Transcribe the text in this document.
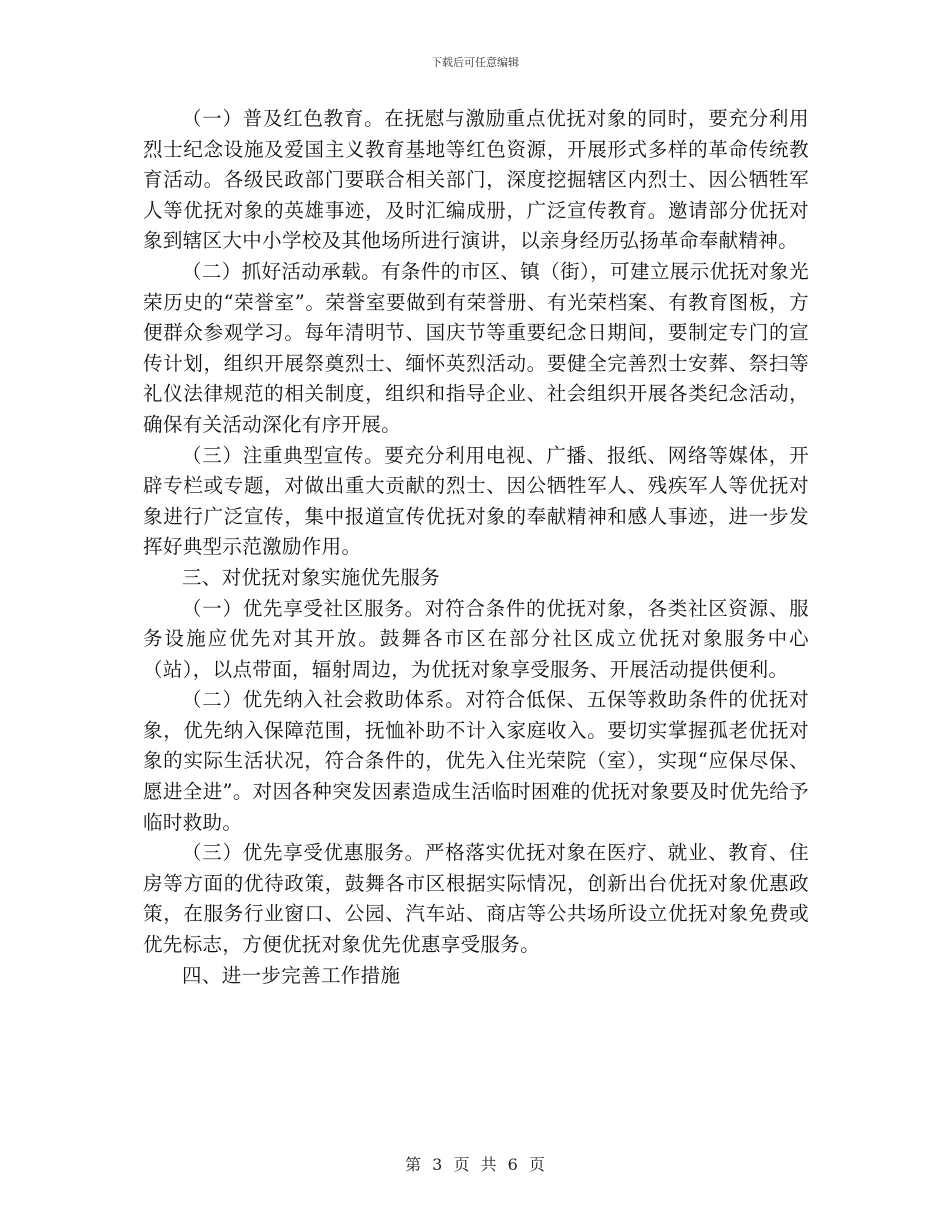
下载后可任意编辑

（一）普及红色教育。在抚慰与激励重点优抚对象的同时，要充分利用烈士纪念设施及爱国主义教育基地等红色资源，开展形式多样的革命传统教育活动。各级民政部门要联合相关部门，深度挖掘辖区内烈士、因公牺牲军人等优抚对象的英雄事迹，及时汇编成册，广泛宣传教育。邀请部分优抚对象到辖区大中小学校及其他场所进行演讲，以亲身经历弘扬革命奉献精神。

（二）抓好活动承载。有条件的市区、镇（街），可建立展示优抚对象光荣历史的“荣誉室”。荣誉室要做到有荣誉册、有光荣档案、有教育图板，方便群众参观学习。每年清明节、国庆节等重要纪念日期间，要制定专门的宣传计划，组织开展祭奠烈士、缅怀英烈活动。要健全完善烈士安葬、祭扫等礼仪法律规范的相关制度，组织和指导企业、社会组织开展各类纪念活动，确保有关活动深化有序开展。

（三）注重典型宣传。要充分利用电视、广播、报纸、网络等媒体，开辟专栏或专题，对做出重大贡献的烈士、因公牺牲军人、残疾军人等优抚对象进行广泛宣传，集中报道宣传优抚对象的奉献精神和感人事迹，进一步发挥好典型示范激励作用。

三、对优抚对象实施优先服务

（一）优先享受社区服务。对符合条件的优抚对象，各类社区资源、服务设施应优先对其开放。鼓舞各市区在部分社区成立优抚对象服务中心（站），以点带面，辐射周边，为优抚对象享受服务、开展活动提供便利。

（二）优先纳入社会救助体系。对符合低保、五保等救助条件的优抚对象，优先纳入保障范围，抚恤补助不计入家庭收入。要切实掌握孤老优抚对象的实际生活状况，符合条件的，优先入住光荣院（室），实现“应保尽保、愿进全进”。对因各种突发因素造成生活临时困难的优抚对象要及时优先给予临时救助。

（三）优先享受优惠服务。严格落实优抚对象在医疗、就业、教育、住房等方面的优待政策，鼓舞各市区根据实际情况，创新出台优抚对象优惠政策，在服务行业窗口、公园、汽车站、商店等公共场所设立优抚对象免费或优先标志，方便优抚对象优先优惠享受服务。

四、进一步完善工作措施

第 3 页 共 6 页
